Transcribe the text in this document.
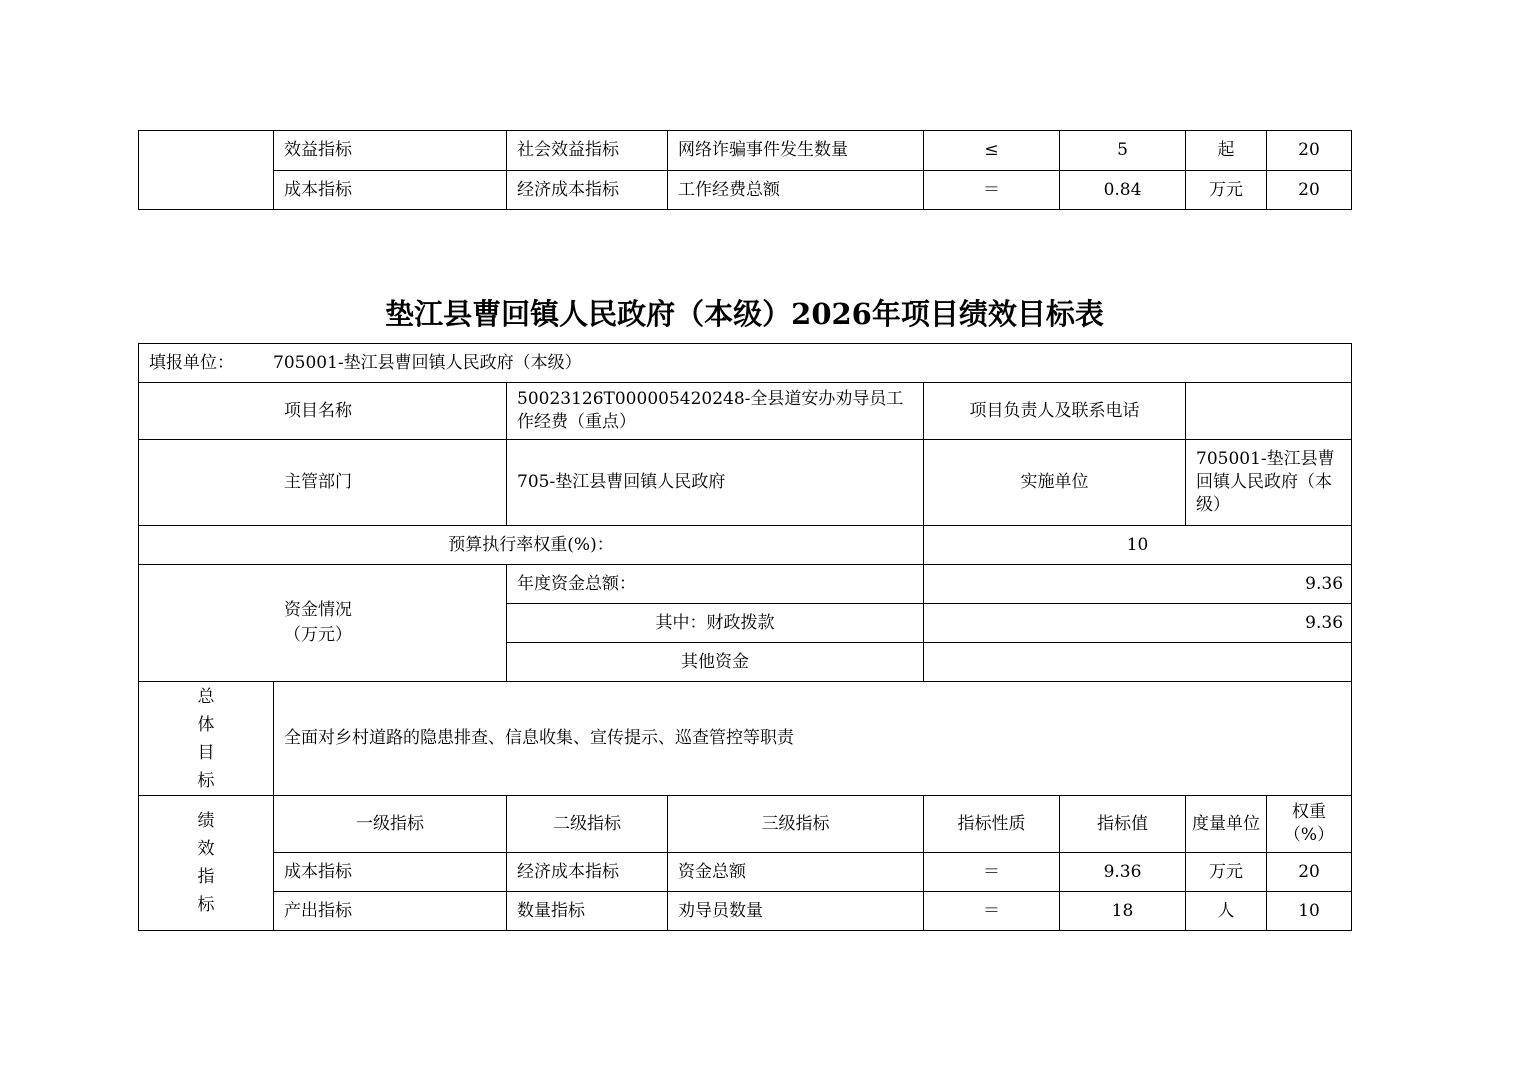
	效益指标	社会效益指标	网络诈骗事件发生数量	≤	5	起	20
	成本指标	经济成本指标	工作经费总额	＝	0.84	万元	20
垫江县曹回镇人民政府（本级）2026年项目绩效目标表
填报单位： 705001-垫江县曹回镇人民政府（本级）							
项目名称		50023126T000005420248-全县道安办劝导员工作经费（重点）		项目负责人及联系电话			
主管部门		705-垫江县曹回镇人民政府		实施单位		705001-垫江县曹回镇人民政府（本级）	
预算执行率权重(%)：				10			

资金情况
（万元）		年度资金总额：		9.36			
		其中：财政拨款		9.36			
		其他资金					

总
体
目
标	全面对乡村道路的隐患排查、信息收集、宣传提示、巡查管控等职责						

绩
效
指
标	一级指标	二级指标	三级指标	指标性质	指标值	度量单位	权重（%）
	成本指标	经济成本指标	资金总额	＝	9.36	万元	20
	产出指标	数量指标	劝导员数量	＝	18	人	10
